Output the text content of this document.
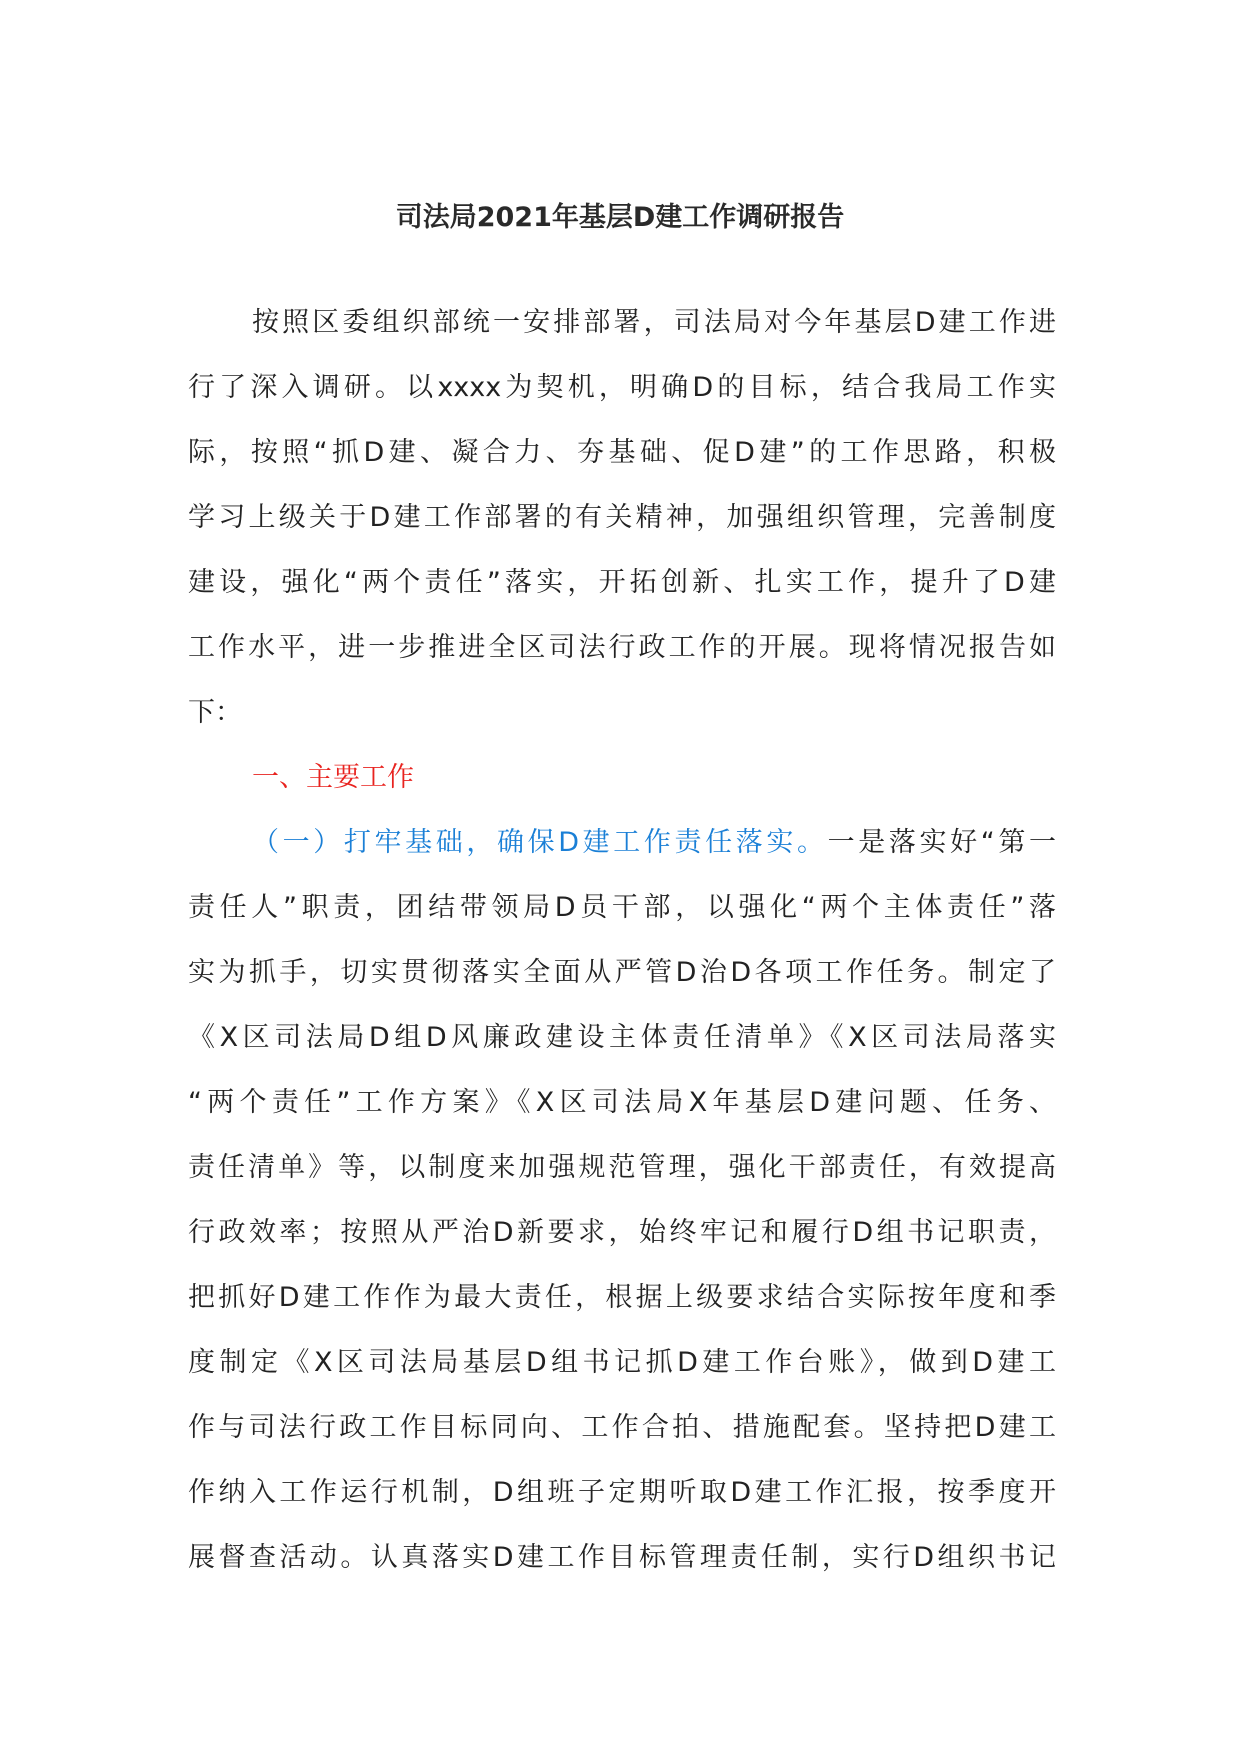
司法局2021年基层D建工作调研报告
按照区委组织部统一安排部署，司法局对今年基层D建工作进
行了深入调研。以xxxx为契机，明确D的目标，结合我局工作实
际，按照“抓D建、凝合力、夯基础、促D建”的工作思路，积极
学习上级关于D建工作部署的有关精神，加强组织管理，完善制度
建设，强化“两个责任”落实，开拓创新、扎实工作，提升了D建
工作水平，进一步推进全区司法行政工作的开展。现将情况报告如
下：
一、主要工作
（一）打牢基础，确保D建工作责任落实。一是落实好“第一
责任人”职责，团结带领局D员干部，以强化“两个主体责任”落
实为抓手，切实贯彻落实全面从严管D治D各项工作任务。制定了
《X区司法局D组D风廉政建设主体责任清单》《X区司法局落实
“两个责任”工作方案》《X区司法局X年基层D建问题、任务、
责任清单》等，以制度来加强规范管理，强化干部责任，有效提高
行政效率；按照从严治D新要求，始终牢记和履行D组书记职责，
把抓好D建工作作为最大责任，根据上级要求结合实际按年度和季
度制定《X区司法局基层D组书记抓D建工作台账》，做到D建工
作与司法行政工作目标同向、工作合拍、措施配套。坚持把D建工
作纳入工作运行机制，D组班子定期听取D建工作汇报，按季度开
展督查活动。认真落实D建工作目标管理责任制，实行D组织书记
